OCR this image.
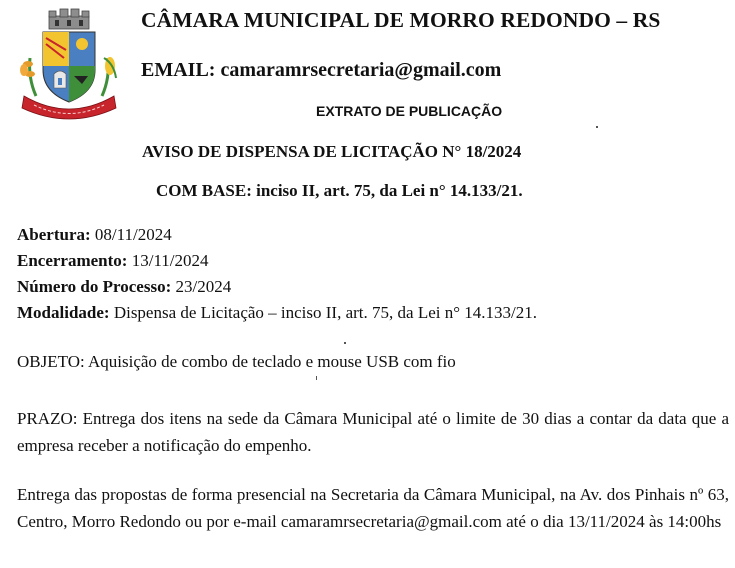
CÂMARA MUNICIPAL DE MORRO REDONDO – RS

EMAIL: camaramrsecretaria@gmail.com

EXTRATO DE PUBLICAÇÃO

AVISO DE DISPENSA DE LICITAÇÃO N° 18/2024

COM BASE: inciso II, art. 75, da Lei n° 14.133/21.

Abertura: 08/11/2024
Encerramento: 13/11/2024
Número do Processo: 23/2024
Modalidade: Dispensa de Licitação – inciso II, art. 75, da Lei n° 14.133/21.

OBJETO: Aquisição de combo de teclado e mouse USB com fio

PRAZO: Entrega dos itens na sede da Câmara Municipal até o limite de 30 dias a contar da data que a empresa receber a notificação do empenho.

Entrega das propostas de forma presencial na Secretaria da Câmara Municipal, na Av. dos Pinhais nº 63, Centro, Morro Redondo ou por e-mail camaramrsecretaria@gmail.com até o dia 13/11/2024 às 14:00hs
